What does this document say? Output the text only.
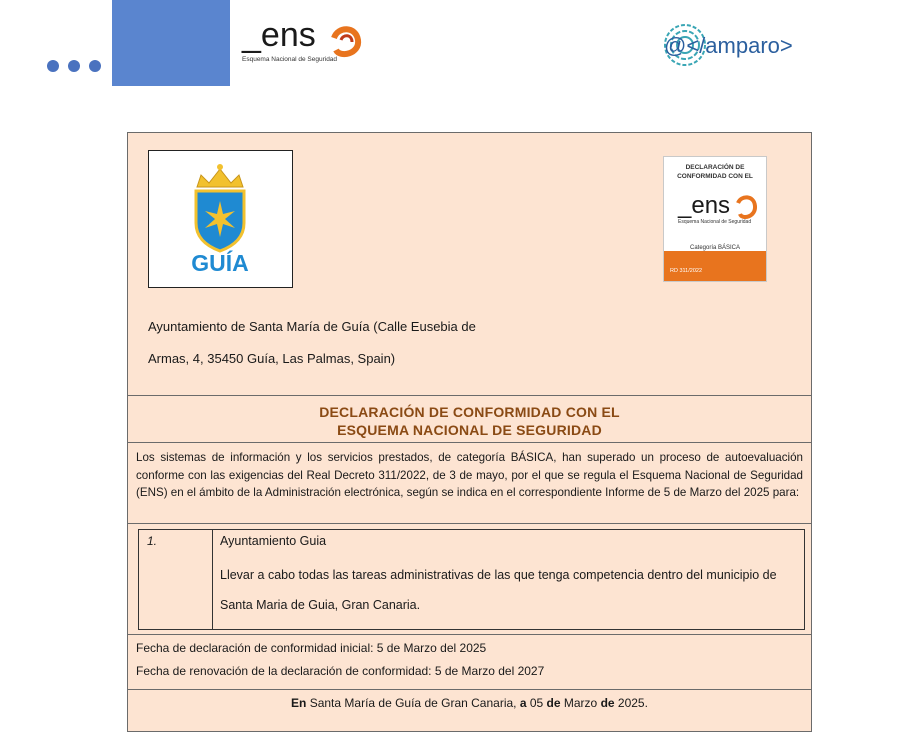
_ens
Esquema Nacional de Seguridad
@</amparo>
GUÍA
DECLARACIÓN DE CONFORMIDAD CON EL
_ens
Esquema Nacional de Seguridad
Categoría BÁSICA
RD 311/2022
Ayuntamiento de Santa María de Guía (Calle Eusebia de
Armas, 4, 35450 Guía, Las Palmas, Spain)
DECLARACIÓN DE CONFORMIDAD CON EL
ESQUEMA NACIONAL DE SEGURIDAD
Los sistemas de información y los servicios prestados, de categoría BÁSICA, han superado un proceso de autoevaluación conforme con las exigencias del Real Decreto 311/2022, de 3 de mayo, por el que se regula el Esquema Nacional de Seguridad (ENS) en el ámbito de la Administración electrónica, según se indica en el correspondiente Informe de 5 de Marzo del 2025 para:
1.	Ayuntamiento Guia
Llevar a cabo todas las tareas administrativas de las que tenga competencia dentro del municipio de Santa Maria de Guia, Gran Canaria.
Fecha de declaración de conformidad inicial: 5 de Marzo del 2025
Fecha de renovación de la declaración de conformidad: 5 de Marzo del 2027
En Santa María de Guía de Gran Canaria, a 05 de Marzo de 2025.
